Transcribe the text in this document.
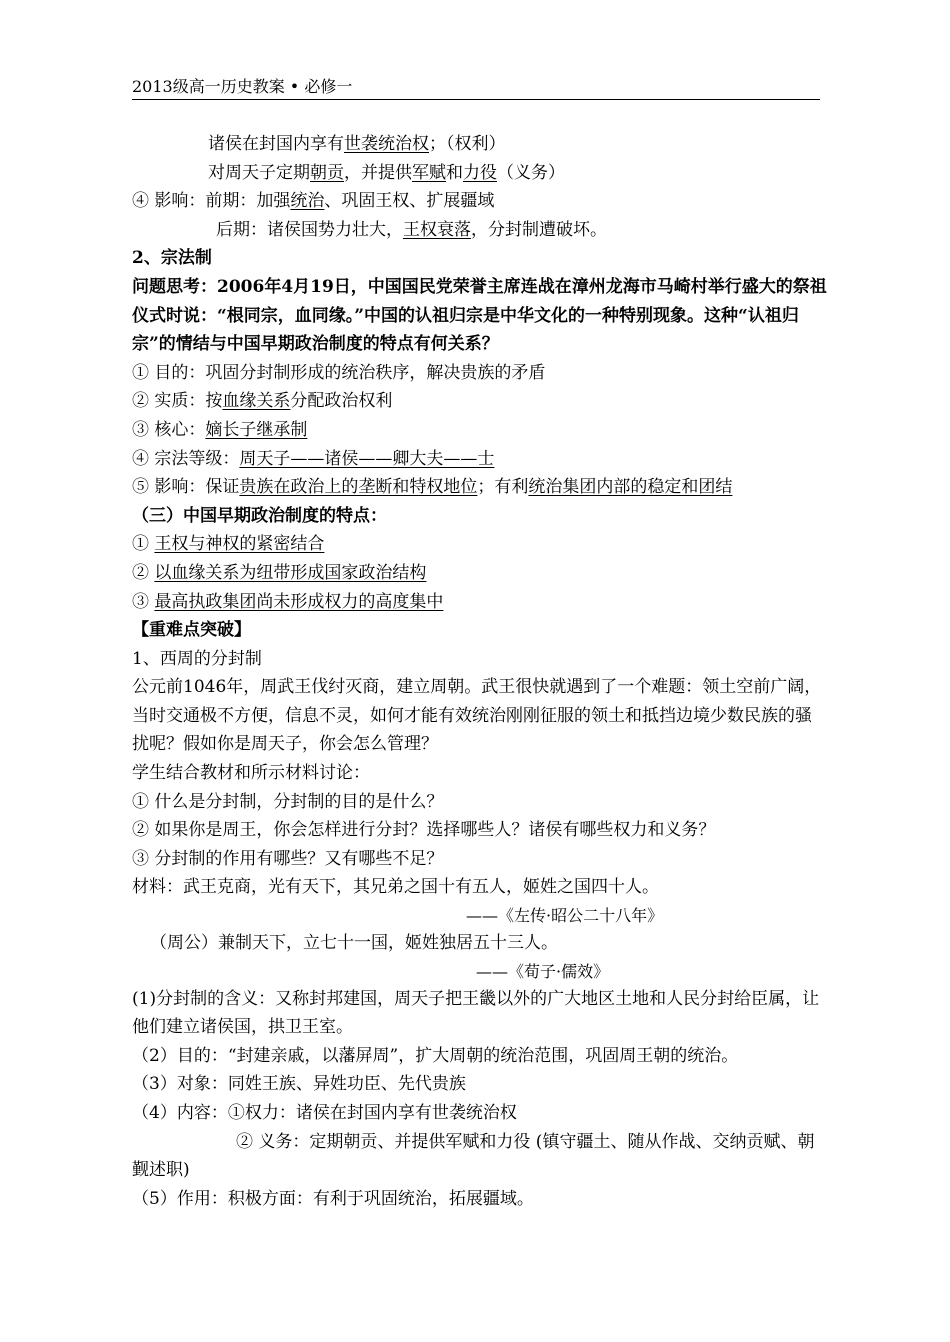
2013级高一历史教案 • 必修一
诸侯在封国内享有世袭统治权；（权利）
对周天子定期朝贡，并提供军赋和力役（义务）
④ 影响：前期：加强统治、巩固王权、扩展疆域
后期：诸侯国势力壮大，王权衰落，分封制遭破坏。
2、宗法制
问题思考：2006年4月19日，中国国民党荣誉主席连战在漳州龙海市马崎村举行盛大的祭祖仪式时说：“根同宗，血同缘。”中国的认祖归宗是中华文化的一种特别现象。这种“认祖归宗”的情结与中国早期政治制度的特点有何关系？
① 目的：巩固分封制形成的统治秩序，解决贵族的矛盾
② 实质：按血缘关系分配政治权利
③ 核心：嫡长子继承制
④ 宗法等级：周天子——诸侯——卿大夫——士
⑤ 影响：保证贵族在政治上的垄断和特权地位；有利统治集团内部的稳定和团结
（三）中国早期政治制度的特点：
① 王权与神权的紧密结合
② 以血缘关系为纽带形成国家政治结构
③ 最高执政集团尚未形成权力的高度集中
【重难点突破】
1、西周的分封制
公元前1046年，周武王伐纣灭商，建立周朝。武王很快就遇到了一个难题：领土空前广阔，当时交通极不方便，信息不灵，如何才能有效统治刚刚征服的领土和抵挡边境少数民族的骚扰呢？假如你是周天子，你会怎么管理？
学生结合教材和所示材料讨论：
① 什么是分封制，分封制的目的是什么？
② 如果你是周王，你会怎样进行分封？选择哪些人？诸侯有哪些权力和义务？
③ 分封制的作用有哪些？又有哪些不足？
材料：武王克商，光有天下，其兄弟之国十有五人，姬姓之国四十人。
——《左传·昭公二十八年》
（周公）兼制天下，立七十一国，姬姓独居五十三人。
——《荀子·儒效》
(1)分封制的含义：又称封邦建国，周天子把王畿以外的广大地区土地和人民分封给臣属，让他们建立诸侯国，拱卫王室。
（2）目的：“封建亲戚，以藩屏周”，扩大周朝的统治范围，巩固周王朝的统治。
（3）对象：同姓王族、异姓功臣、先代贵族
（4）内容：①权力：诸侯在封国内享有世袭统治权
② 义务：定期朝贡、并提供军赋和力役 (镇守疆土、随从作战、交纳贡赋、朝觐述职)
（5）作用：积极方面：有利于巩固统治，拓展疆域。
